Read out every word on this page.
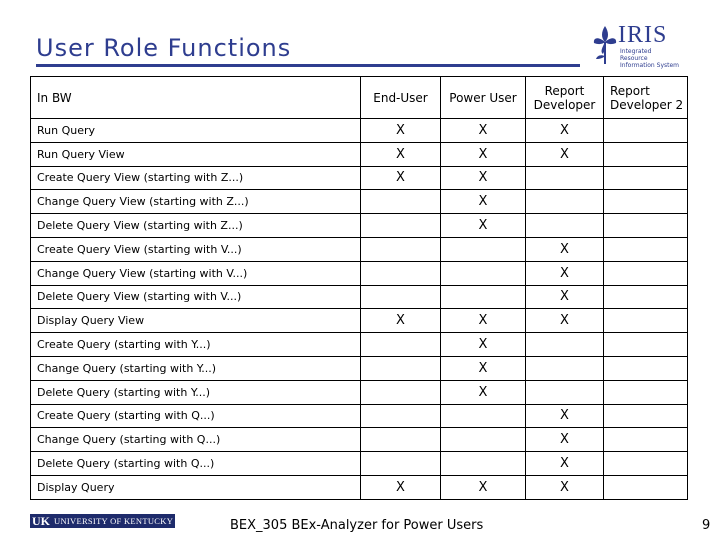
User Role Functions	IRIS
Integrated Resource Information System
In BW	End-User	Power User	Report Developer	Report Developer 2
Run Query	X	X	X	
Run Query View	X	X	X	
Create Query View (starting with Z...)	X	X		
Change Query View (starting with Z...)		X		
Delete Query View (starting with Z...)		X		
Create Query View (starting with V...)			X	
Change Query View (starting with V...)			X	
Delete Query View (starting with V...)			X	
Display Query View	X	X	X	
Create Query (starting with Y...)		X		
Change Query (starting with Y...)		X		
Delete Query (starting with Y...)		X		
Create Query (starting with Q...)			X	
Change Query (starting with Q...)			X	
Delete Query (starting with Q...)			X	
Display Query	X	X	X	
UK UNIVERSITY OF KENTUCKY	BEX_305 BEx-Analyzer for Power Users	9
